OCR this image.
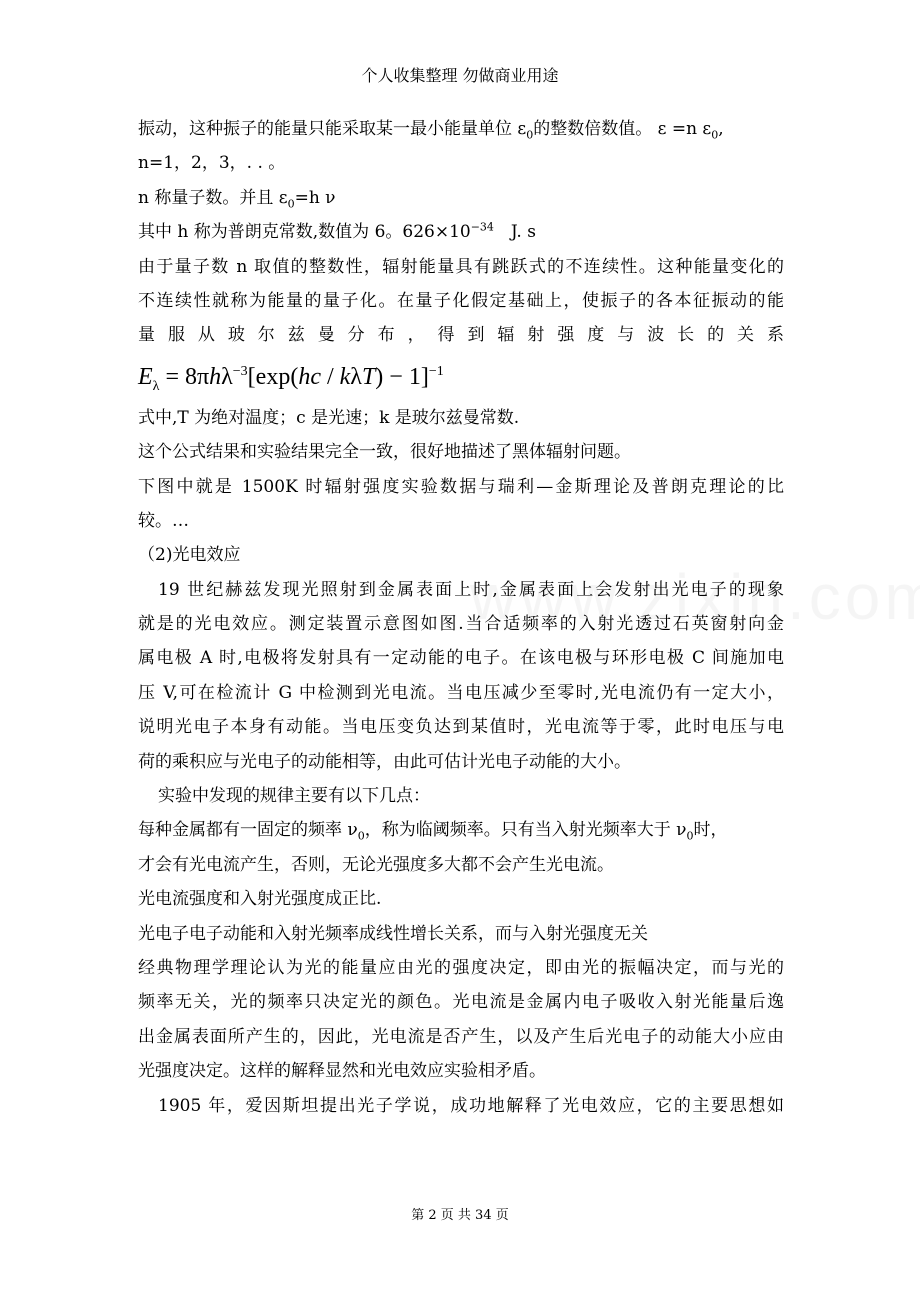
个人收集整理 勿做商业用途
振动，这种振子的能量只能采取某一最小能量单位 $\varepsilon_0$的整数倍数值。 ε =n $\varepsilon_0$,
n=1，2，3，. . 。
n 称量子数。并且 $\varepsilon_0=h$ ν
其中 h 称为普朗克常数,数值为 6。$626\times 10^{-34}$　J. s
由于量子数 n 取值的整数性，辐射能量具有跳跃式的不连续性。这种能量变化的
不连续性就称为能量的量子化。在量子化假定基础上，使振子的各本征振动的能
量服从玻尔兹曼分布，得到辐射强度与波长的关系
$E_\lambda = 8\pi h\lambda^{-3}[\exp(hc / k\lambda T) - 1]^{-1}$
式中,T 为绝对温度；c 是光速；k 是玻尔兹曼常数.
这个公式结果和实验结果完全一致，很好地描述了黑体辐射问题。
下图中就是 1500K 时辐射强度实验数据与瑞利—金斯理论及普朗克理论的比
较。…
（2)光电效应
19 世纪赫兹发现光照射到金属表面上时,金属表面上会发射出光电子的现象
就是的光电效应。测定装置示意图如图.当合适频率的入射光透过石英窗射向金
属电极 A 时,电极将发射具有一定动能的电子。在该电极与环形电极 C 间施加电
压 V,可在检流计 G 中检测到光电流。当电压减少至零时,光电流仍有一定大小，
说明光电子本身有动能。当电压变负达到某值时，光电流等于零，此时电压与电
荷的乘积应与光电子的动能相等，由此可估计光电子动能的大小。
实验中发现的规律主要有以下几点：
每种金属都有一固定的频率 $\nu_0$，称为临阈频率。只有当入射光频率大于 $\nu_0$时，
才会有光电流产生，否则，无论光强度多大都不会产生光电流。
光电流强度和入射光强度成正比.
光电子电子动能和入射光频率成线性增长关系，而与入射光强度无关
经典物理学理论认为光的能量应由光的强度决定，即由光的振幅决定，而与光的
频率无关，光的频率只决定光的颜色。光电流是金属内电子吸收入射光能量后逸
出金属表面所产生的，因此，光电流是否产生，以及产生后光电子的动能大小应由
光强度决定。这样的解释显然和光电效应实验相矛盾。
1905 年，爱因斯坦提出光子学说，成功地解释了光电效应，它的主要思想如
第 2 页 共 34 页
